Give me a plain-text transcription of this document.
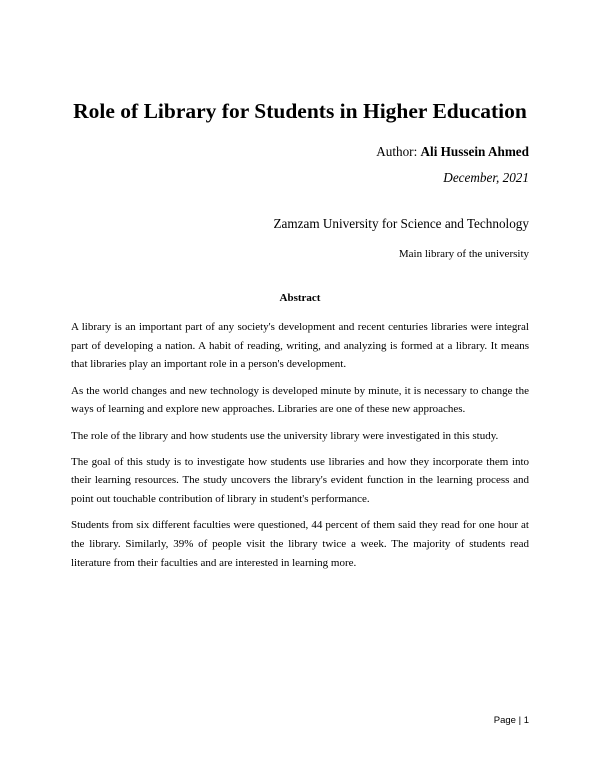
Role of Library for Students in Higher Education
Author: Ali Hussein Ahmed
December, 2021
Zamzam University for Science and Technology
Main library of the university
Abstract

A library is an important part of any society's development and recent centuries libraries were integral part of developing a nation. A habit of reading, writing, and analyzing is formed at a library. It means that libraries play an important role in a person's development.

As the world changes and new technology is developed minute by minute, it is necessary to change the ways of learning and explore new approaches. Libraries are one of these new approaches.

The role of the library and how students use the university library were investigated in this study.

The goal of this study is to investigate how students use libraries and how they incorporate them into their learning resources. The study uncovers the library's evident function in the learning process and point out touchable contribution of library in student's performance.

Students from six different faculties were questioned, 44 percent of them said they read for one hour at the library. Similarly, 39% of people visit the library twice a week. The majority of students read literature from their faculties and are interested in learning more.

Page | 1
